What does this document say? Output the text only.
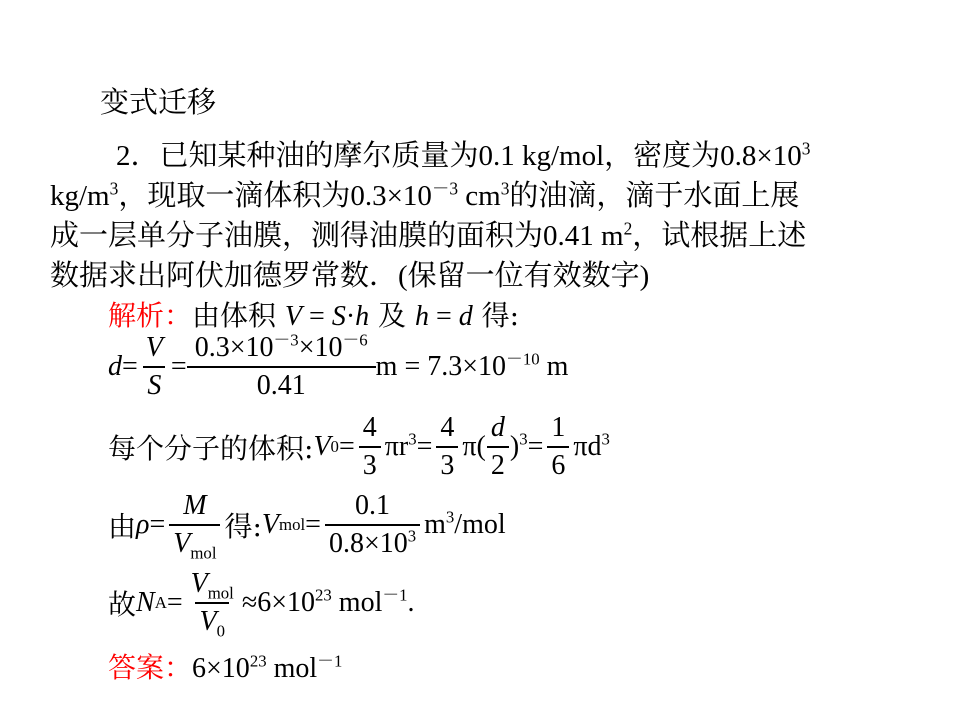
变式迁移
2．已知某种油的摩尔质量为0.1 kg/mol，密度为$0.8\times 10^3$
$kg/m^3$，现取一滴体积为$0.3\times 10^{-3}$ $cm^3$的油滴，滴于水面上展
成一层单分子油膜，测得油膜的面积为0.41 $m^2$，试根据上述
数据求出阿伏加德罗常数．(保留一位有效数字)
解析：由体积 V = S·h 及 h = d 得:
$d = \frac{V}{S} = \frac{0.3\times 10^{-3}\times 10^{-6}}{0.41}$ $m = 7.3\times 10^{-10}$ m
每个分子的体积: V $0 = \frac{4}{3} \pi r^3 = \frac{4}{3} \pi( \frac{d}{2} )^3 = \frac{1}{6} \pi d^3$
由 $\rho = \frac{M}{V_{mol}}$ 得: V mol = $\frac{0.1}{0.8\times 10^3} m^3/mol$
故 N $A = \frac{V_{mol}}{V_0} \approx 6\times 10^{23}$ mol$^{-1}$.
答案：$6\times 10^{23}$ mol$^{-1}$
